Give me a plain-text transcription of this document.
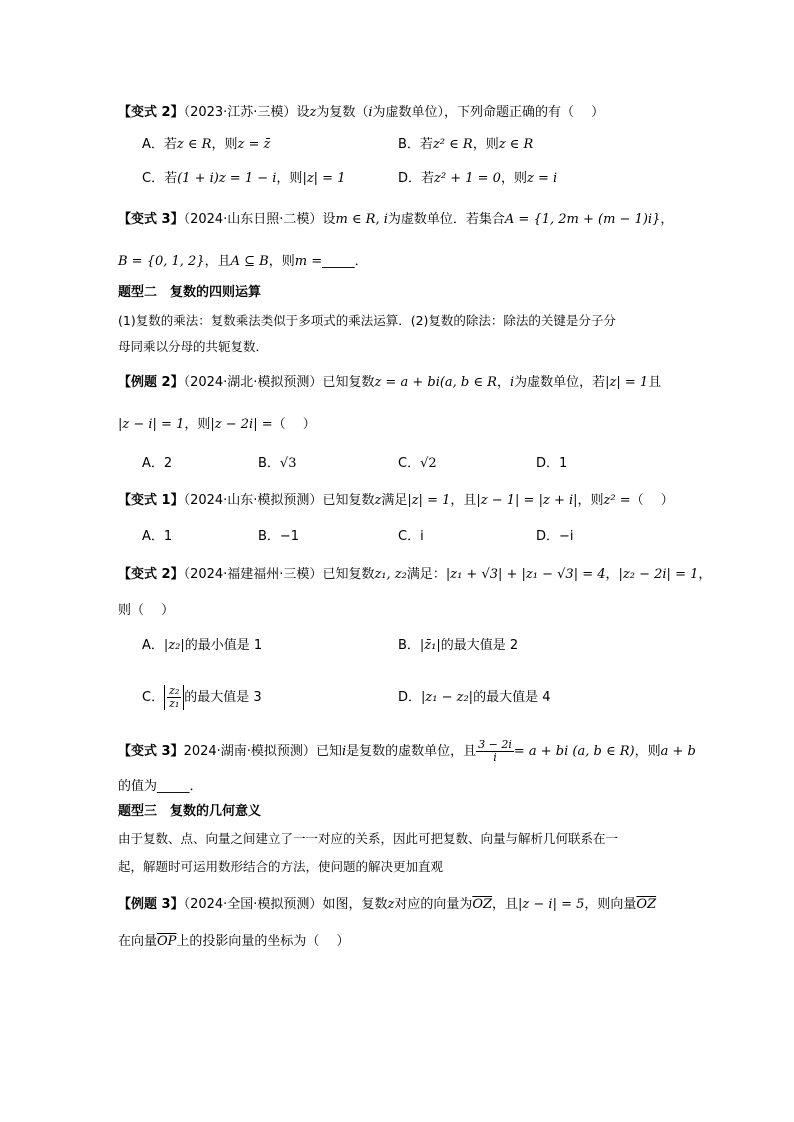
【变式 2】（2023·江苏·三模）设z为复数（i为虚数单位），下列命题正确的有（　 ）
A．若z ∈ R，则z = z̄	B．若z² ∈ R，则z ∈ R
C．若(1 + i)z = 1 − i，则|z| = 1	D．若z² + 1 = 0，则z = i
【变式 3】（2024·山东日照·二模）设m ∈ R, i为虚数单位．若集合A = {1, 2m + (m − 1)i}，
B = {0, 1, 2}，且A ⊆ B，则m =_____．
题型二　复数的四则运算
(1)复数的乘法：复数乘法类似于多项式的乘法运算．(2)复数的除法：除法的关键是分子分
母同乘以分母的共轭复数．
【例题 2】（2024·湖北·模拟预测）已知复数z = a + bi(a, b ∈ R，i为虚数单位，若|z| = 1且
|z − i| = 1，则|z − 2i| =（　 ）
A．2	B．√3	C．√2	D．1
【变式 1】（2024·山东·模拟预测）已知复数z满足|z| = 1，且|z − 1| = |z + i|，则z² =（　 ）
A．1	B．−1	C．i	D．−i
【变式 2】（2024·福建福州·三模）已知复数z₁, z₂满足：|z₁ + √3| + |z₁ − √3| = 4，|z₂ − 2i| = 1，
则（　 ）
A．|z₂|的最小值是 1	B．|z̄₁|的最大值是 2
C． $\frac{\text{z₂}}{\text{z₁}}$ 的最大值是 3	D．|z₁ − z₂|的最大值是 4
【变式 3】2024·湖南·模拟预测）已知i是复数的虚数单位，且 $\frac{3 - 2i}{i} = a$ + bi (a, b ∈ R)，则a + b
的值为_____．
题型三　复数的几何意义
由于复数、点、向量之间建立了一一对应的关系，因此可把复数、向量与解析几何联系在一
起，解题时可运用数形结合的方法，使问题的解决更加直观
【例题 3】（2024·全国·模拟预测）如图，复数z对应的向量为$\overline{OZ}$，且|z − i| = 5，则向量$\overline{OZ}$
在向量$\overline{OP}$上的投影向量的坐标为（　 ）
